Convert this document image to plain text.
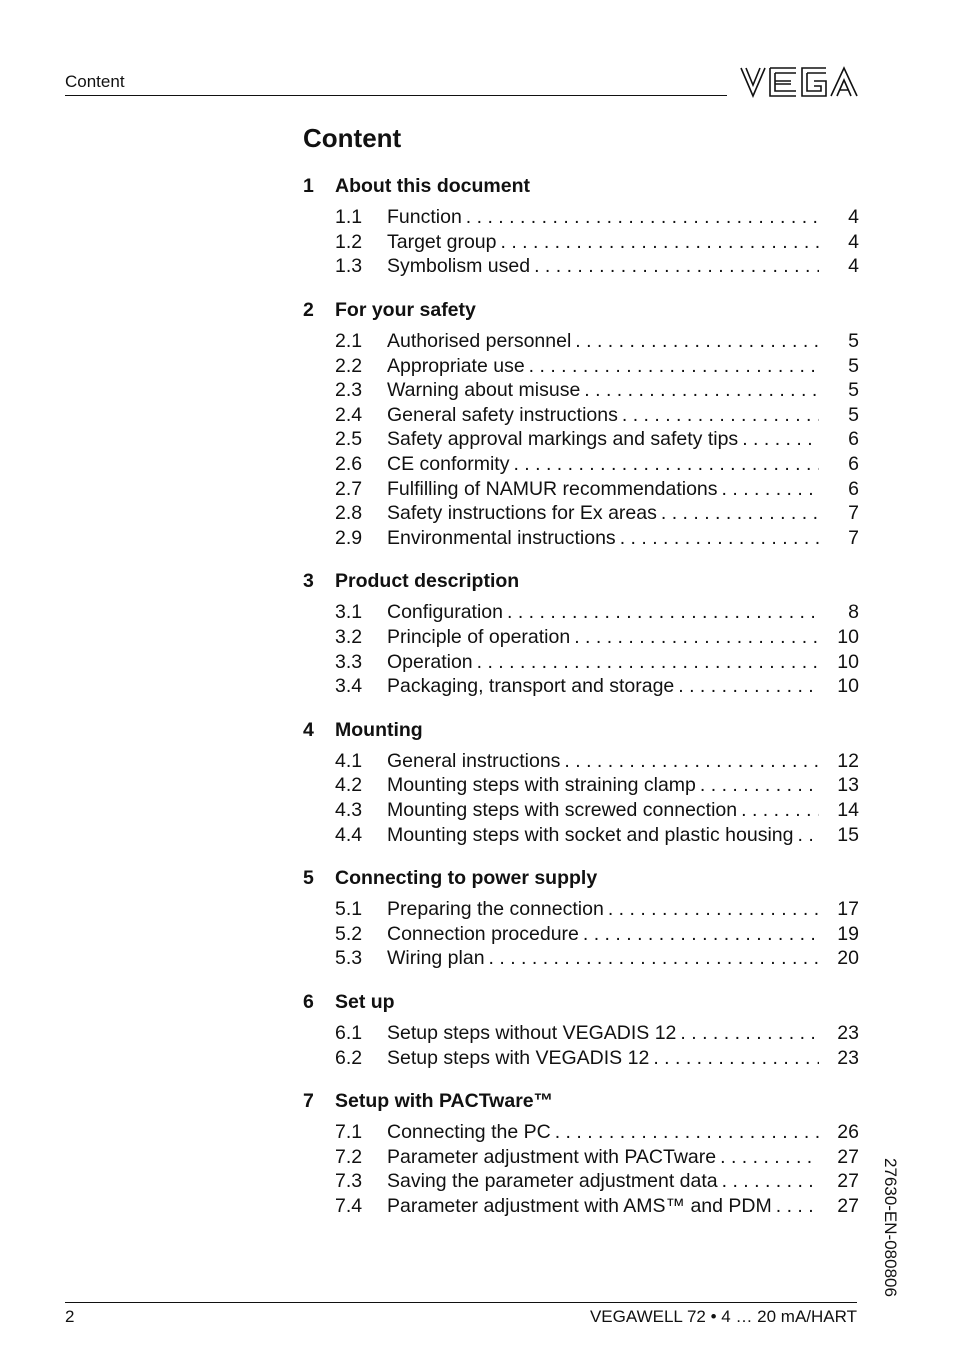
Content
Content
1	About this document
1.1	Function . . .	4
1.2	Target group . . .	4
1.3	Symbolism used . . .	4
2	For your safety
2.1	Authorised personnel . . .	5
2.2	Appropriate use . . .	5
2.3	Warning about misuse . . .	5
2.4	General safety instructions . . .	5
2.5	Safety approval markings and safety tips . . .	6
2.6	CE conformity . . .	6
2.7	Fulfilling of NAMUR recommendations . . .	6
2.8	Safety instructions for Ex areas . . .	7
2.9	Environmental instructions . . .	7
3	Product description
3.1	Configuration . . .	8
3.2	Principle of operation . . .	10
3.3	Operation . . .	10
3.4	Packaging, transport and storage . . .	10
4	Mounting
4.1	General instructions . . .	12
4.2	Mounting steps with straining clamp . . .	13
4.3	Mounting steps with screwed connection . . .	14
4.4	Mounting steps with socket and plastic housing . . .	15
5	Connecting to power supply
5.1	Preparing the connection . . .	17
5.2	Connection procedure . . .	19
5.3	Wiring plan . . .	20
6	Set up
6.1	Setup steps without VEGADIS 12 . . .	23
6.2	Setup steps with VEGADIS 12 . . .	23
7	Setup with PACTware™
7.1	Connecting the PC . . .	26
7.2	Parameter adjustment with PACTware . . .	27
7.3	Saving the parameter adjustment data . . .	27
7.4	Parameter adjustment with AMS™ and PDM . . .	27 27630-EN-080806
2	VEGAWELL 72 • 4 … 20 mA/HART
